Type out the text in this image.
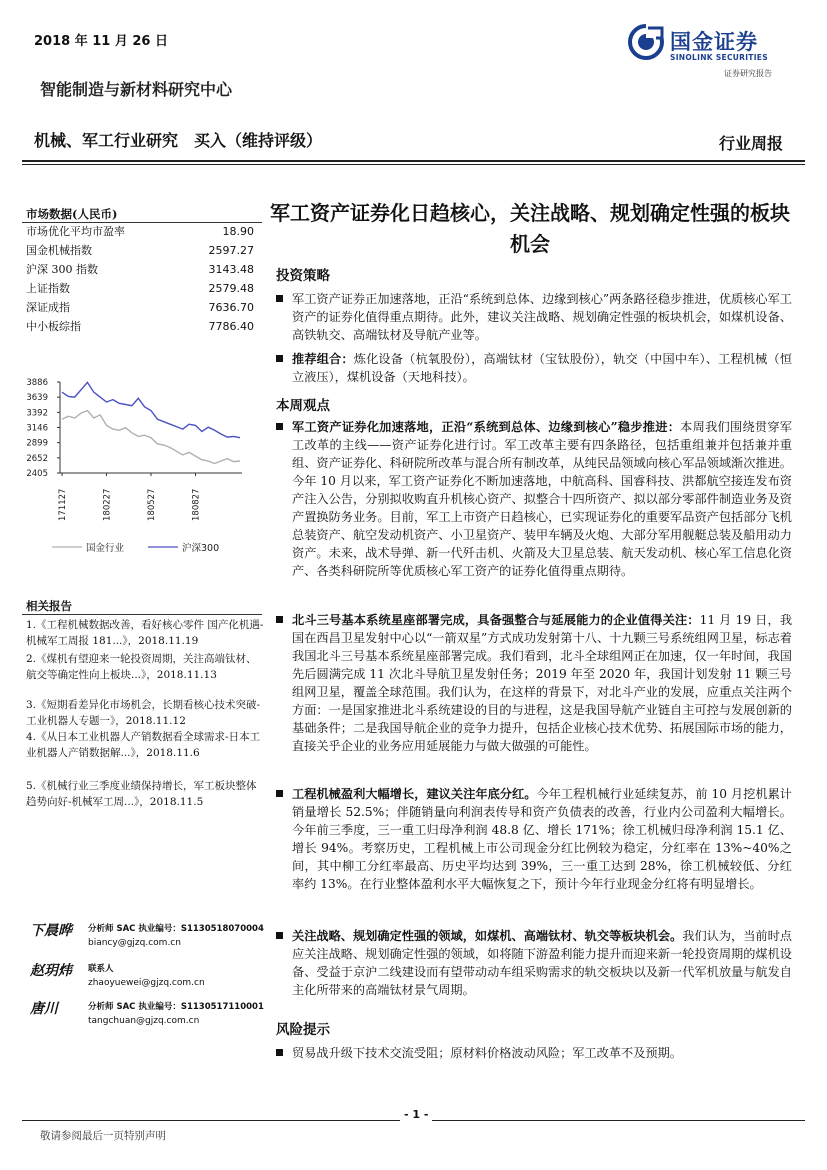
2018 年 11 月 26 日	国金证券
SINOLINK SECURITIES
证券研究报告
智能制造与新材料研究中心
机械、军工行业研究　买入（维持评级）	行业周报
市场数据(人民币)
市场优化平均市盈率	18.90
国金机械指数	2597.27
沪深 300 指数	3143.48
上证指数	2579.48
深证成指	7636.70
中小板综指	7786.40
3886
3639
3392
3146
2899
2652
2405
171127	180227	180527	180827
国金行业	沪深300
相关报告
1.《工程机械数据改善，看好核心零件 国产化机遇-机械军工周报 181...》，2018.11.19
2.《煤机有望迎来一轮投资周期，关注高端钛材、航交等确定性向上板块...》，2018.11.13
3.《短期看差异化市场机会，长期看核心技术突破-工业机器人专题一》，2018.11.12
4.《从日本工业机器人产销数据看全球需求-日本工业机器人产销数据解...》，2018.11.6
5.《机械行业三季度业绩保持增长，军工板块整体趋势向好-机械军工周...》，2018.11.5
下晨晔 分析师 SAC 执业编号：S1130518070004
biancy@gjzq.com.cn
赵玥炜 联系人
zhaoyuewei@gjzq.com.cn
唐川	分析师 SAC 执业编号：S1130517110001
tangchuan@gjzq.com.cn
军工资产证券化日趋核心，关注战略、规划确定性强的板块机会
投资策略
军工资产证券正加速落地，正沿“系统到总体、边缘到核心”两条路径稳步推进，优质核心军工资产的证券化值得重点期待。此外，建议关注战略、规划确定性强的板块机会，如煤机设备、高铁轨交、高端钛材及导航产业等。
推荐组合：炼化设备（杭氧股份），高端钛材（宝钛股份），轨交（中国中车）、工程机械（恒立液压），煤机设备（天地科技）。
本周观点
军工资产证券化加速落地，正沿“系统到总体、边缘到核心”稳步推进：本周我们围绕贯穿军工改革的主线——资产证券化进行讨。军工改革主要有四条路径，包括重组兼并包括兼并重组、资产证券化、科研院所改革与混合所有制改革，从纯民品领域向核心军品领域渐次推进。今年 10 月以来，军工资产证券化不断加速落地，中航高科、国睿科技、洪都航空接连发布资产注入公告，分别拟收购直升机核心资产、拟整合十四所资产、拟以部分零部件制造业务及资产置换防务业务。目前，军工上市资产日趋核心，已实现证券化的重要军品资产包括部分飞机总装资产、航空发动机资产、小卫星资产、装甲车辆及火炮、大部分军用舰艇总装及船用动力资产。未来，战术导弹、新一代歼击机、火箭及大卫星总装、航天发动机、核心军工信息化资产、各类科研院所等优质核心军工资产的证券化值得重点期待。
北斗三号基本系统星座部署完成，具备强整合与延展能力的企业值得关注：11 月 19 日，我国在西昌卫星发射中心以“一箭双星”方式成功发射第十八、十九颗三号系统组网卫星，标志着我国北斗三号基本系统星座部署完成。我们看到，北斗全球组网正在加速，仅一年时间，我国先后圆满完成 11 次北斗导航卫星发射任务；2019 年至 2020 年，我国计划发射 11 颗三号组网卫星，覆盖全球范围。我们认为，在这样的背景下，对北斗产业的发展，应重点关注两个方面：一是国家推进北斗系统建设的目的与进程，这是我国导航产业链自主可控与发展创新的基础条件；二是我国导航企业的竞争力提升，包括企业核心技术优势、拓展国际市场的能力，直接关乎企业的业务应用延展能力与做大做强的可能性。
工程机械盈利大幅增长，建议关注年底分红。今年工程机械行业延续复苏，前 10 月挖机累计销量增长 52.5%；伴随销量向利润表传导和资产负债表的改善，行业内公司盈利大幅增长。今年前三季度，三一重工归母净利润 48.8 亿、增长 171%；徐工机械归母净利润 15.1 亿、增长 94%。考察历史，工程机械上市公司现金分红比例较为稳定，分红率在 13%~40%之间，其中柳工分红率最高、历史平均达到 39%，三一重工达到 28%，徐工机械较低、分红率约 13%。在行业整体盈利水平大幅恢复之下，预计今年行业现金分红将有明显增长。
关注战略、规划确定性强的领域，如煤机、高端钛材、轨交等板块机会。我们认为，当前时点应关注战略、规划确定性强的领域，如将随下游盈利能力提升而迎来新一轮投资周期的煤机设备、受益于京沪二线建设而有望带动动车组采购需求的轨交板块以及新一代军机放量与航发自主化所带来的高端钛材景气周期。
风险提示
贸易战升级下技术交流受阻；原材料价格波动风险；军工改革不及预期。
- 1 -
敬请参阅最后一页特别声明
